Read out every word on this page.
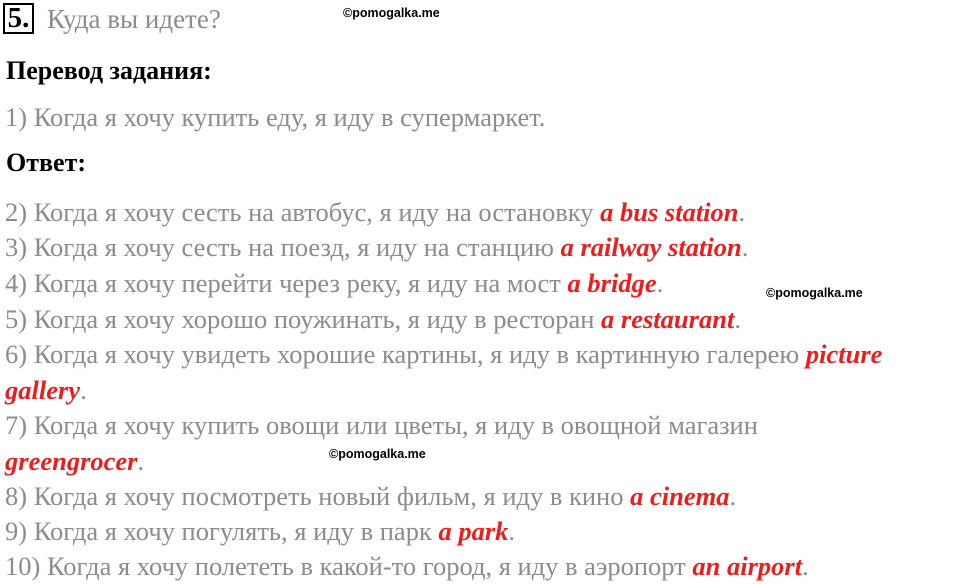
5. Куда вы идете?	©pomogalka.me
Перевод задания:
1) Когда я хочу купить еду, я иду в супермаркет.
Ответ:
2) Когда я хочу сесть на автобус, я иду на остановку a bus station.
3) Когда я хочу сесть на поезд, я иду на станцию a railway station.
4) Когда я хочу перейти через реку, я иду на мост a bridge.	©pomogalka.me
5) Когда я хочу хорошо поужинать, я иду в ресторан a restaurant.
6) Когда я хочу увидеть хорошие картины, я иду в картинную галерею picture
gallery.
7) Когда я хочу купить овощи или цветы, я иду в овощной магазин
greengrocer.	©pomogalka.me
8) Когда я хочу посмотреть новый фильм, я иду в кино a cinema.
9) Когда я хочу погулять, я иду в парк a park.
10) Когда я хочу полететь в какой-то город, я иду в аэропорт an airport.
